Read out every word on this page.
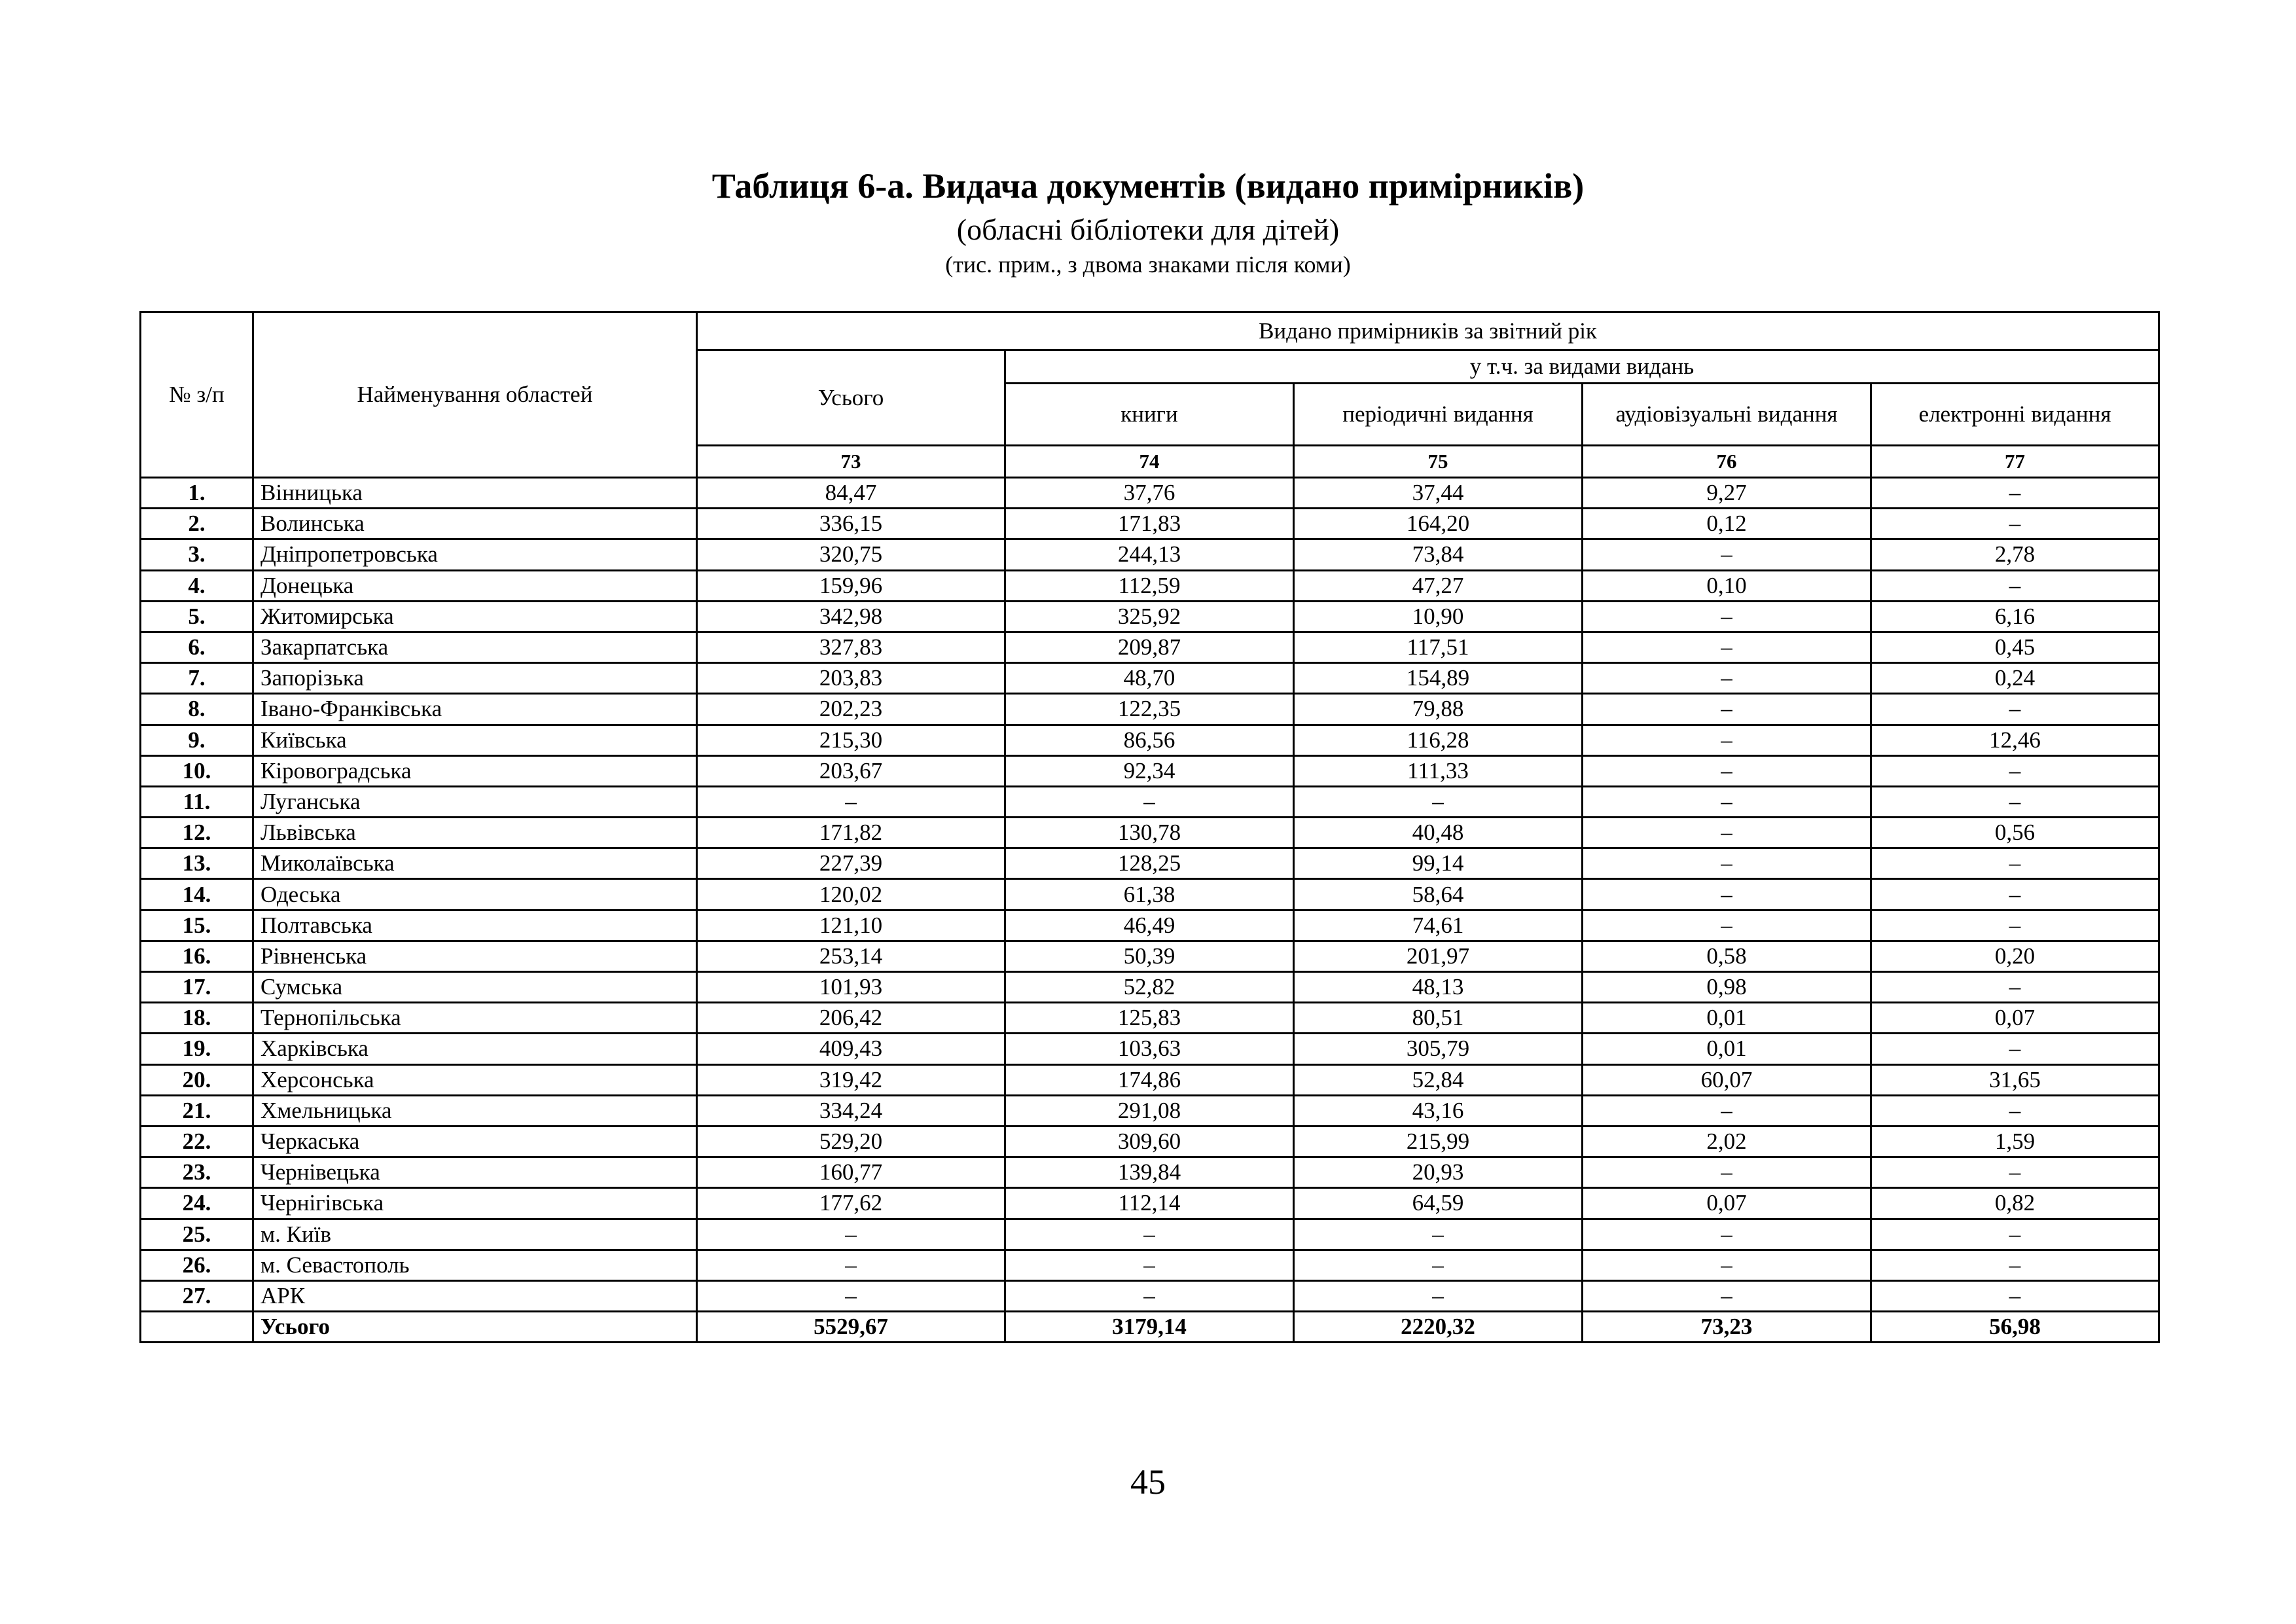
Таблиця 6-а. Видача документів (видано примірників)
(обласні бібліотеки для дітей)
(тис. прим., з двома знаками після коми)
№ з/п	Найменування областей	Видано примірників за звітний рік				
		Усього	у т.ч. за видами видань			
			книги	періодичні видання	аудіовізуальні видання	електронні видання
		73	74	75	76	77
1.	Вінницька	84,47	37,76	37,44	9,27	–
2.	Волинська	336,15	171,83	164,20	0,12	–
3.	Дніпропетровська	320,75	244,13	73,84	–	2,78
4.	Донецька	159,96	112,59	47,27	0,10	–
5.	Житомирська	342,98	325,92	10,90	–	6,16
6.	Закарпатська	327,83	209,87	117,51	–	0,45
7.	Запорізька	203,83	48,70	154,89	–	0,24
8.	Івано-Франківська	202,23	122,35	79,88	–	–
9.	Київська	215,30	86,56	116,28	–	12,46
10.	Кіровоградська	203,67	92,34	111,33	–	–
11.	Луганська	–	–	–	–	–
12.	Львівська	171,82	130,78	40,48	–	0,56
13.	Миколаївська	227,39	128,25	99,14	–	–
14.	Одеська	120,02	61,38	58,64	–	–
15.	Полтавська	121,10	46,49	74,61	–	–
16.	Рівненська	253,14	50,39	201,97	0,58	0,20
17.	Сумська	101,93	52,82	48,13	0,98	–
18.	Тернопільська	206,42	125,83	80,51	0,01	0,07
19.	Харківська	409,43	103,63	305,79	0,01	–
20.	Херсонська	319,42	174,86	52,84	60,07	31,65
21.	Хмельницька	334,24	291,08	43,16	–	–
22.	Черкаська	529,20	309,60	215,99	2,02	1,59
23.	Чернівецька	160,77	139,84	20,93	–	–
24.	Чернігівська	177,62	112,14	64,59	0,07	0,82
25.	м. Київ	–	–	–	–	–
26.	м. Севастополь	–	–	–	–	–
27.	АРК	–	–	–	–	–
	Усього	5529,67	3179,14	2220,32	73,23	56,98
45
